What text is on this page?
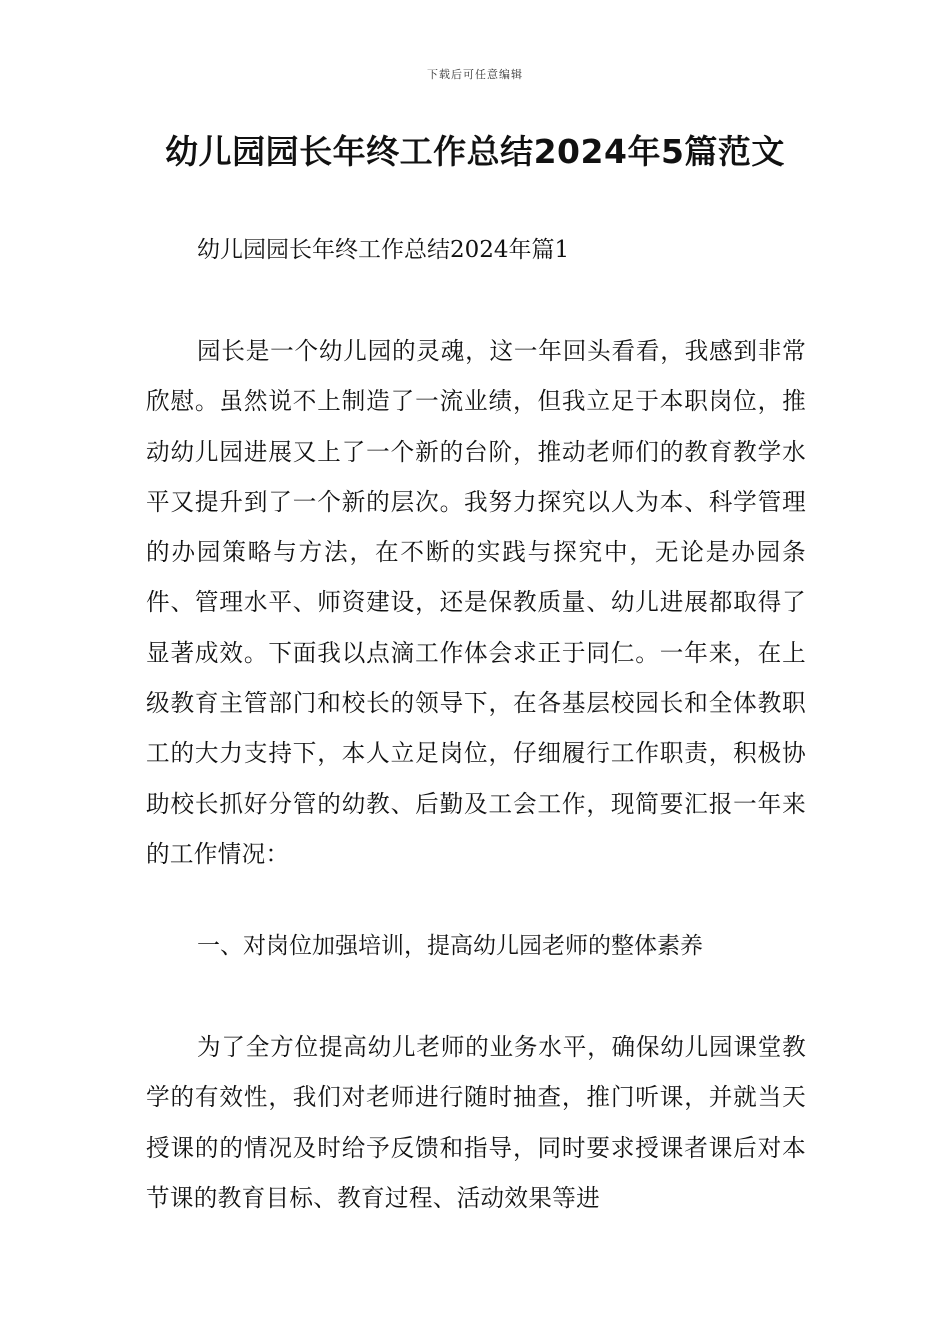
下载后可任意编辑
幼儿园园长年终工作总结2024年5篇范文

幼儿园园长年终工作总结2024年篇1

园长是一个幼儿园的灵魂，这一年回头看看，我感到非常欣慰。虽然说不上制造了一流业绩，但我立足于本职岗位，推动幼儿园进展又上了一个新的台阶，推动老师们的教育教学水平又提升到了一个新的层次。我努力探究以人为本、科学管理的办园策略与方法，在不断的实践与探究中，无论是办园条件、管理水平、师资建设，还是保教质量、幼儿进展都取得了显著成效。下面我以点滴工作体会求正于同仁。一年来，在上级教育主管部门和校长的领导下，在各基层校园长和全体教职工的大力支持下，本人立足岗位，仔细履行工作职责，积极协助校长抓好分管的幼教、后勤及工会工作，现简要汇报一年来的工作情况：

一、对岗位加强培训，提高幼儿园老师的整体素养

为了全方位提高幼儿老师的业务水平，确保幼儿园课堂教学的有效性，我们对老师进行随时抽查，推门听课，并就当天授课的的情况及时给予反馈和指导，同时要求授课者课后对本节课的教育目标、教育过程、活动效果等进
